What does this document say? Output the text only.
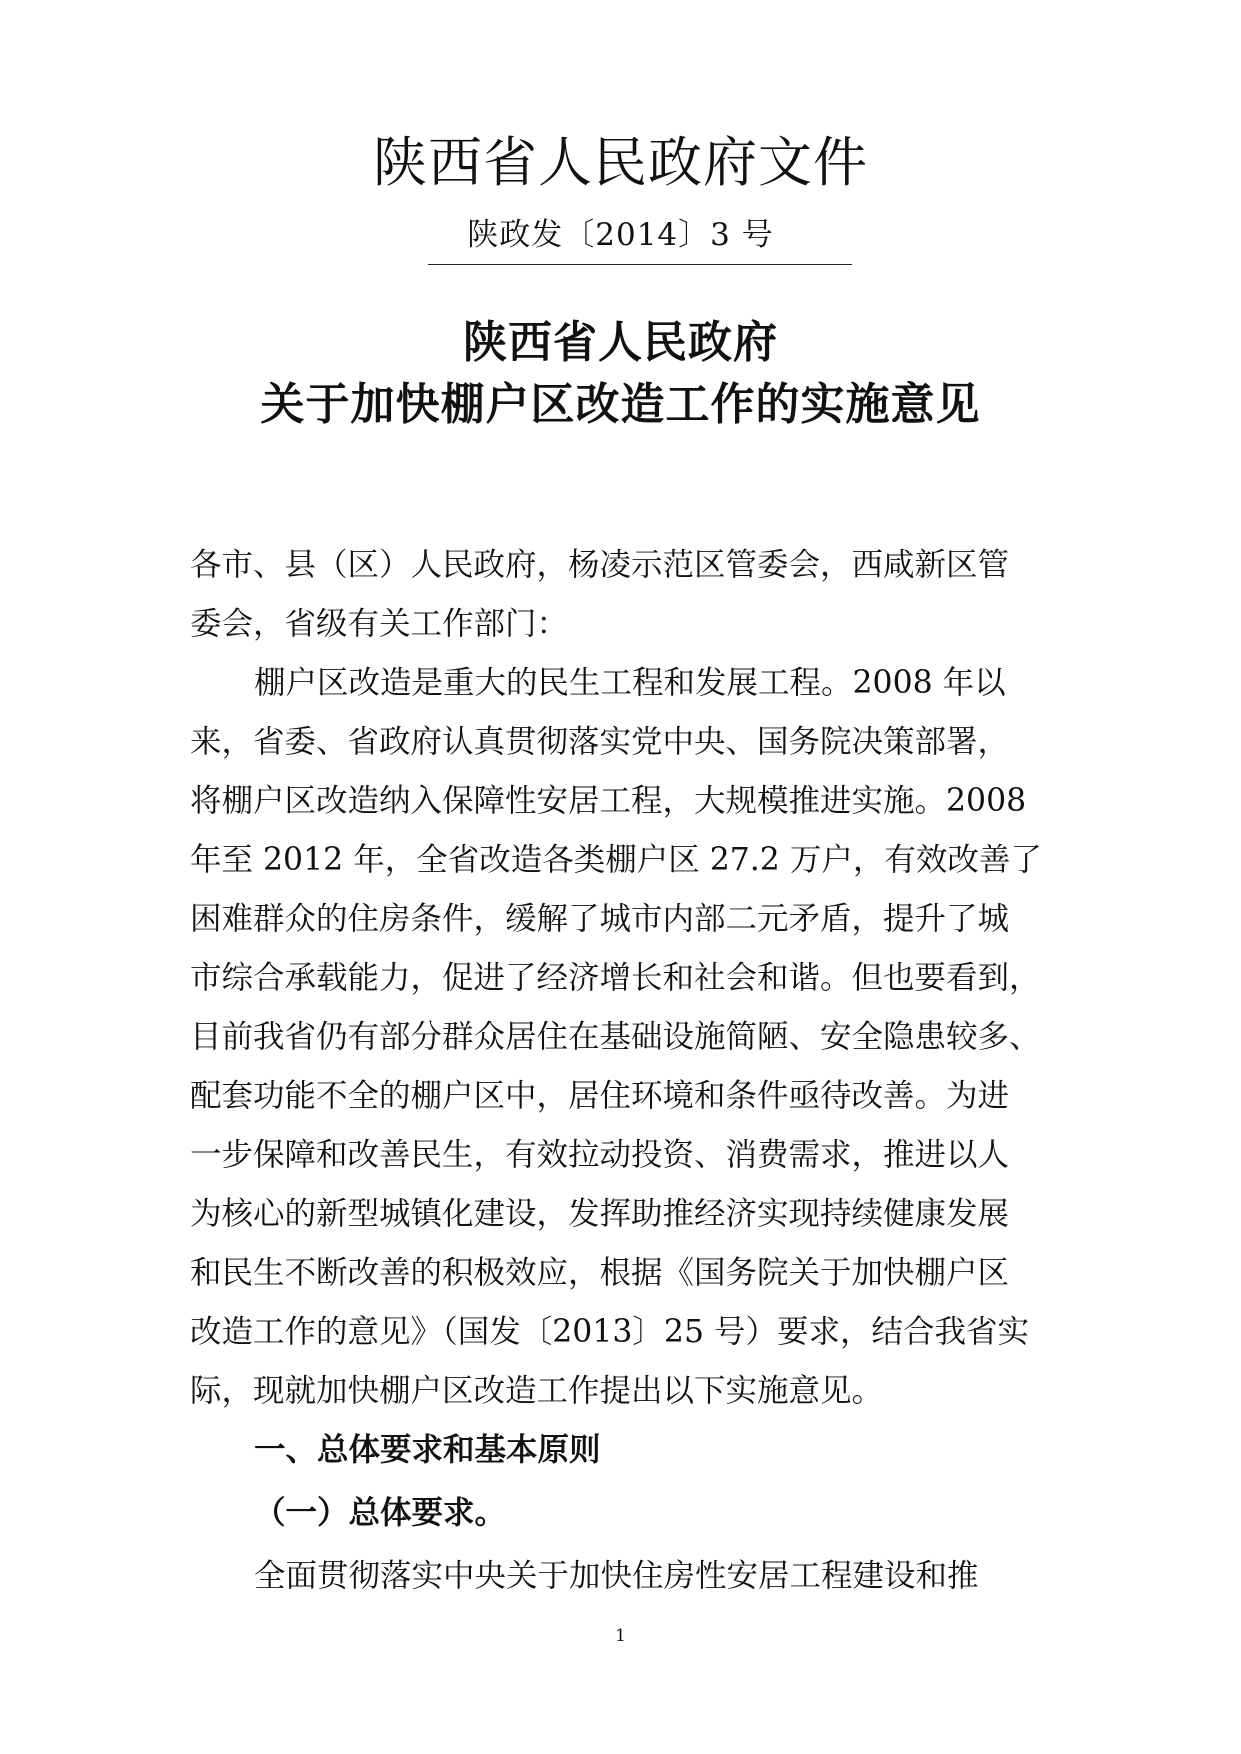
陕西省人民政府文件
陕政发〔2014〕3 号
陕西省人民政府
关于加快棚户区改造工作的实施意见
各市、县（区）人民政府，杨凌示范区管委会，西咸新区管
委会，省级有关工作部门：
棚户区改造是重大的民生工程和发展工程。2008 年以
来，省委、省政府认真贯彻落实党中央、国务院决策部署，
将棚户区改造纳入保障性安居工程，大规模推进实施。2008
年至 2012 年，全省改造各类棚户区 27.2 万户，有效改善了
困难群众的住房条件，缓解了城市内部二元矛盾，提升了城
市综合承载能力，促进了经济增长和社会和谐。但也要看到，
目前我省仍有部分群众居住在基础设施简陋、安全隐患较多、
配套功能不全的棚户区中，居住环境和条件亟待改善。为进
一步保障和改善民生，有效拉动投资、消费需求，推进以人
为核心的新型城镇化建设，发挥助推经济实现持续健康发展
和民生不断改善的积极效应，根据《国务院关于加快棚户区
改造工作的意见》（国发〔2013〕25 号）要求，结合我省实
际，现就加快棚户区改造工作提出以下实施意见。
一、总体要求和基本原则
（一）总体要求。
全面贯彻落实中央关于加快住房性安居工程建设和推
1
